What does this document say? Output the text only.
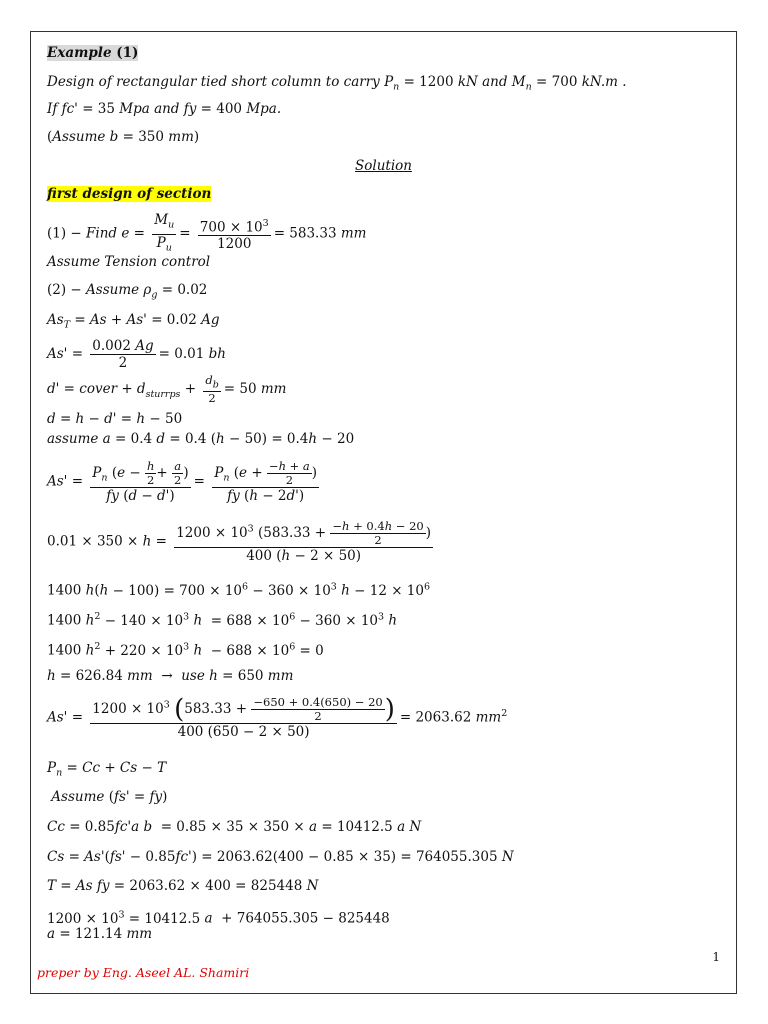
Example (1)
Design of rectangular tied short column to carry $P_n = 1200$ kN and $M_n = 700$ kN.m .
If fc' = 35 Mpa and fy = 400 Mpa.
(Assume b = 350 mm)
Solution
first design of section
(1) − Find $e = \frac{M_u}{P_u} = \frac{700 \times 10^3}{1200} = 583.33$ mm
Assume Tension control
(2) − Assume $\rho_g = 0.02$
$As_T = As + As' = 0.02$ Ag
$As' = \frac{0.002 Ag}{2} = 0.01$ bh
d' = cover + $d_{sturrps} + \frac{d_b}{2} = 50$ mm
d = h − d' = h − 50
assume a = 0.4 d = 0.4 (h − 50) = 0.4h − 20
$As' = \frac{P_n (e - \frac{h}{2} + \frac{a}{2} )}{fy (d - d')} = \frac{P_n (e + \frac{-h + a}{2} )}{fy (h - 2d')}$
$0.01 \times 350 \times h = \frac{1200 \times 10^3 (583.33 + \frac{-h + 0.4h - 20}{2} )}{400 (h - 2 \times 50)}$
1400 $h(h - 100) = 700 \times 10^6 - 360 \times 10^3$ $h - 12 \times 10^6$
1400 $h^2 - 140 \times 10^3$ $h = 688 \times 10^6 - 360 \times 10^3$ h
1400 $h^2 + 220 \times 10^3$ $h - 688 \times 10^6 = 0$
h = 626.84 mm  →  use h = 650 mm
$As' = \frac{1200 \times 10^3 (583.33 + \frac{-650 + 0.4(650) - 20}{2} )}{400 (650 - 2 \times 50)} = 2063.62$ $mm^2$
$P_n = Cc + Cs - T$
Assume (fs' = fy)
Cc = 0.85fc'a b  = 0.85 × 35 × 350 × a = 10412.5 a N
Cs = As'(fs' − 0.85fc') = 2063.62(400 − 0.85 × 35) = 764055.305 N
T = As fy = 2063.62 × 400 = 825448 N
$1200 \times 10^3 = 10412.5$ a  + 764055.305 − 825448
a = 121.14 mm
1
preper by Eng. Aseel AL. Shamiri
